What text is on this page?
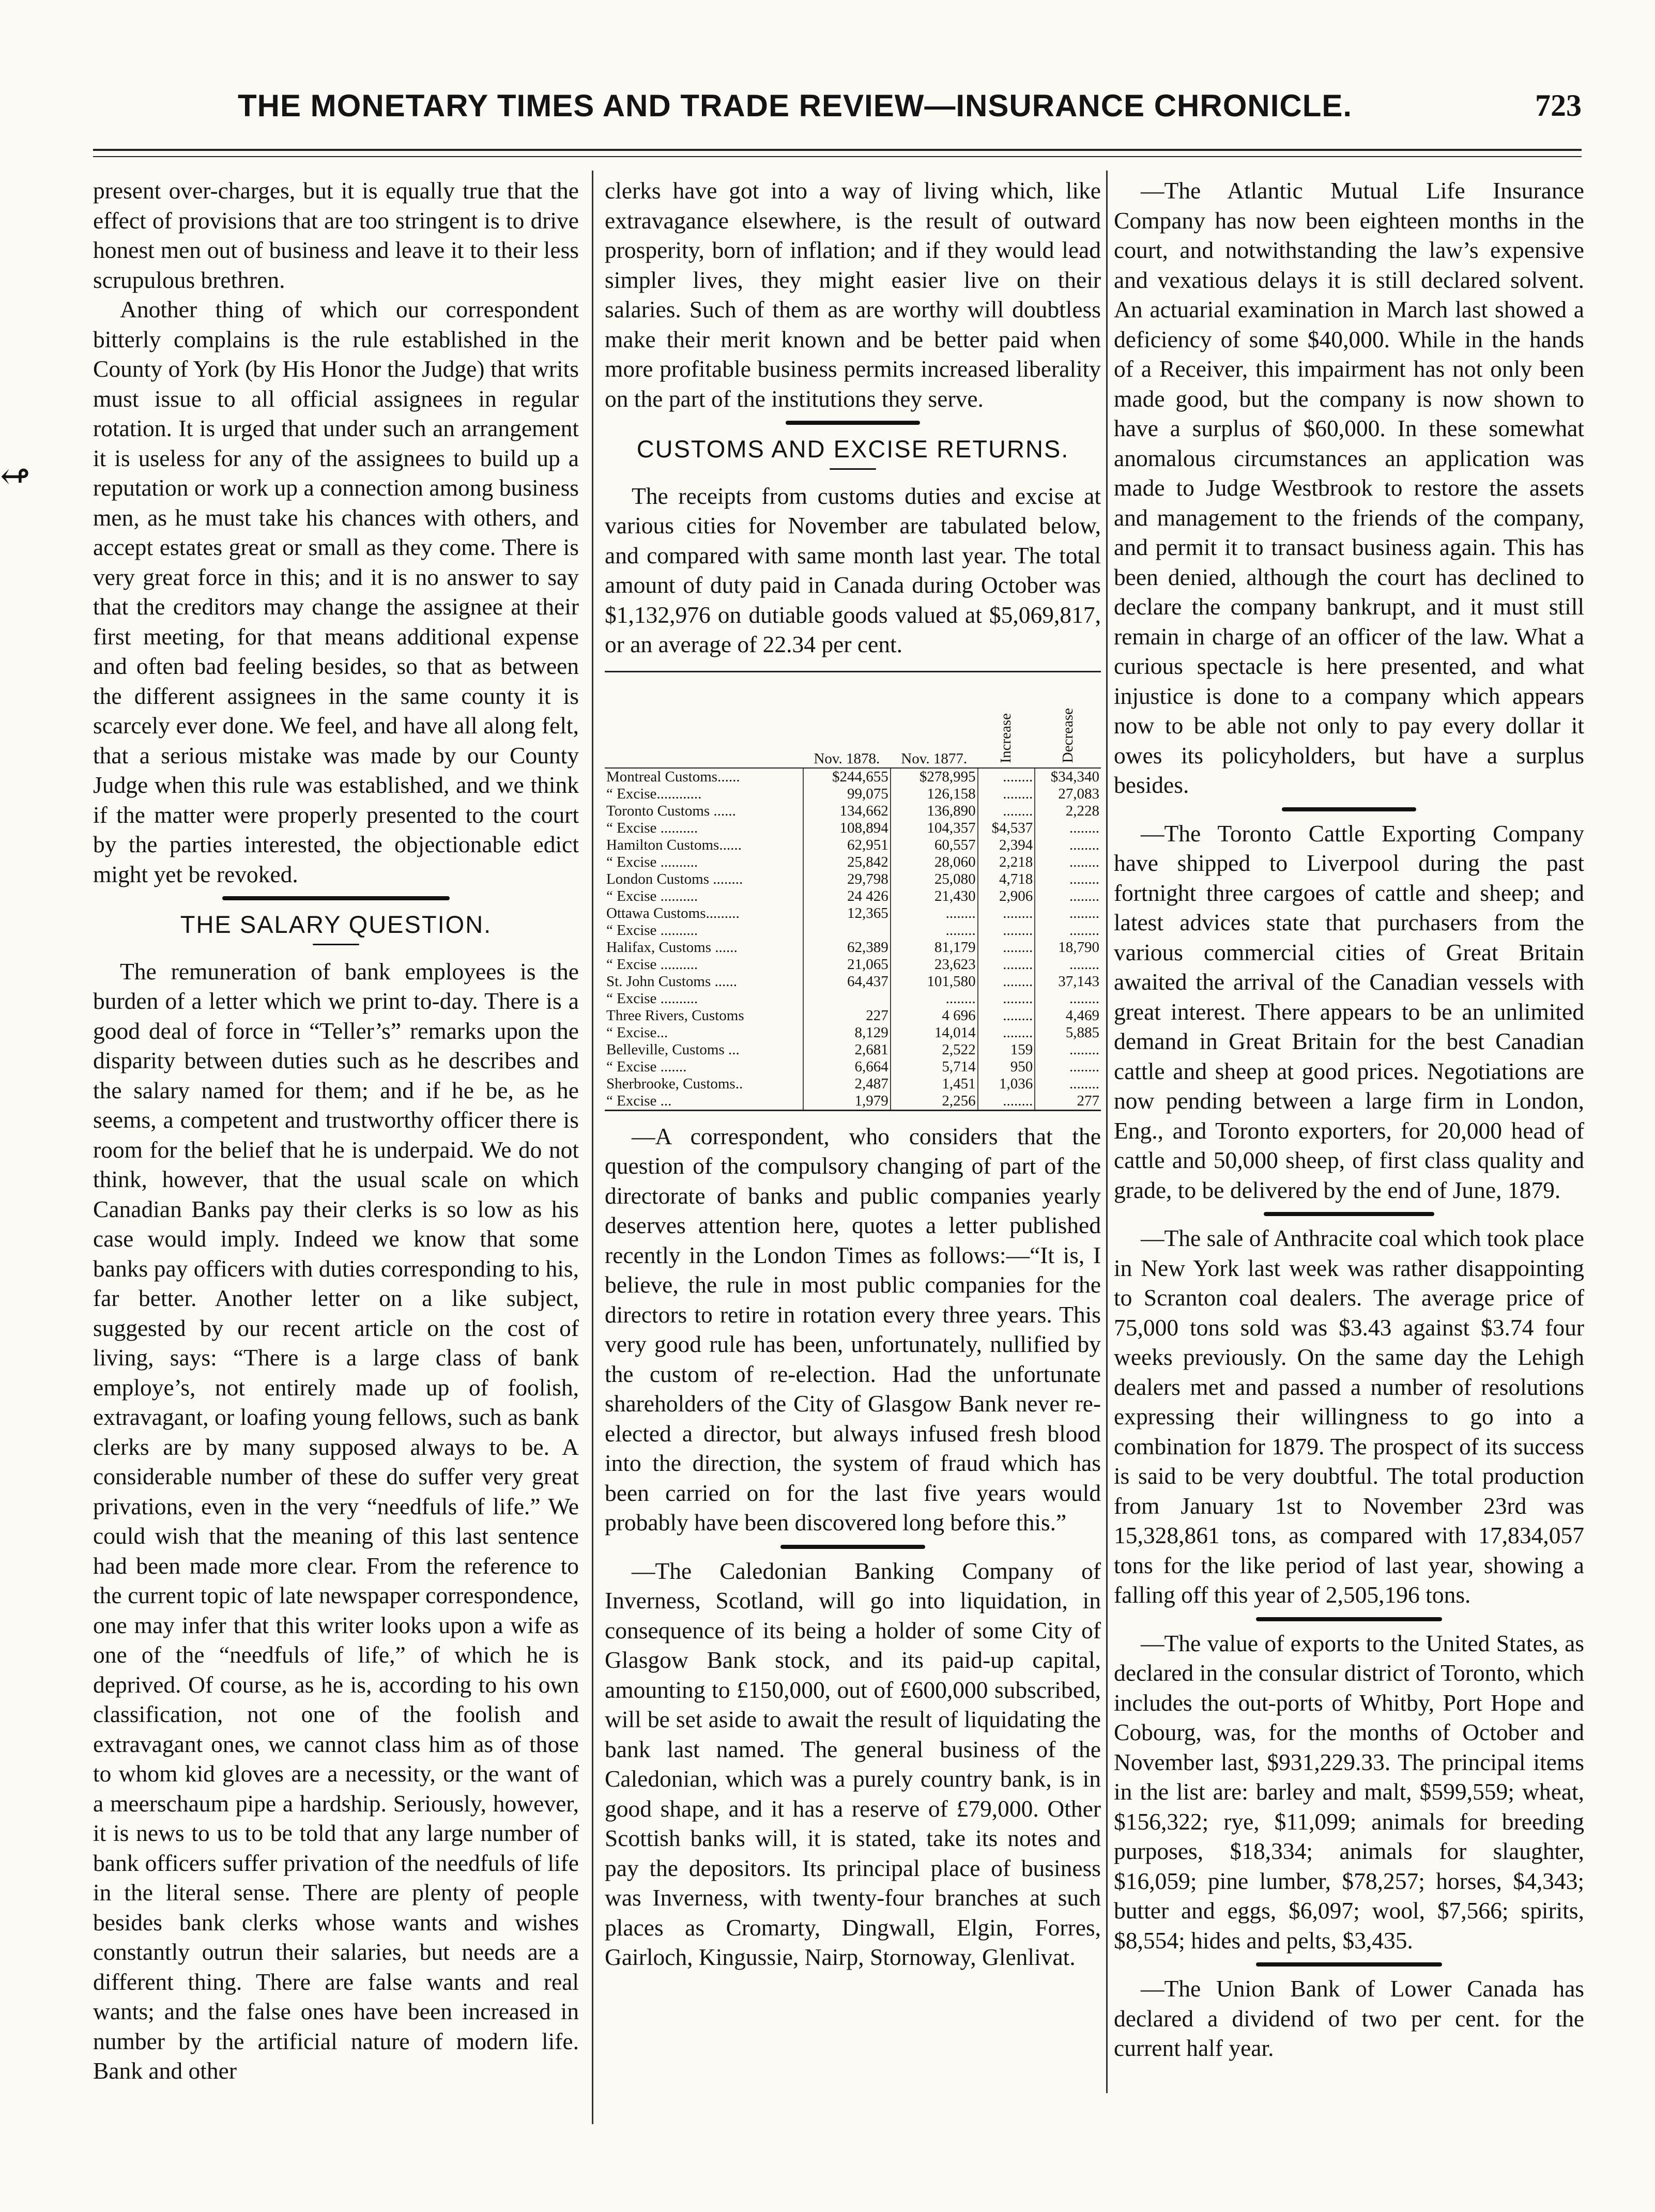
THE MONETARY TIMES AND TRADE REVIEW—INSURANCE CHRONICLE.	723
↫

present over-charges, but it is equally true that the effect of provisions that are too stringent is to drive honest men out of business and leave it to their less scrupulous brethren.

Another thing of which our correspondent bitterly complains is the rule established in the County of York (by His Honor the Judge) that writs must issue to all official assignees in regular rotation. It is urged that under such an arrangement it is useless for any of the assignees to build up a reputation or work up a connection among business men, as he must take his chances with others, and accept estates great or small as they come. There is very great force in this; and it is no answer to say that the creditors may change the assignee at their first meeting, for that means additional expense and often bad feeling besides, so that as between the different assignees in the same county it is scarcely ever done. We feel, and have all along felt, that a serious mistake was made by our County Judge when this rule was established, and we think if the matter were properly presented to the court by the parties interested, the objectionable edict might yet be revoked.

THE SALARY QUESTION.

The remuneration of bank employees is the burden of a letter which we print to-day. There is a good deal of force in “Teller’s” remarks upon the disparity between duties such as he describes and the salary named for them; and if he be, as he seems, a competent and trustworthy officer there is room for the belief that he is underpaid. We do not think, however, that the usual scale on which Canadian Banks pay their clerks is so low as his case would imply. Indeed we know that some banks pay officers with duties corresponding to his, far better. Another letter on a like subject, suggested by our recent article on the cost of living, says: “There is a large class of bank employe’s, not entirely made up of foolish, extravagant, or loafing young fellows, such as bank clerks are by many supposed always to be. A considerable number of these do suffer very great privations, even in the very “needfuls of life.” We could wish that the meaning of this last sentence had been made more clear. From the reference to the current topic of late newspaper correspondence, one may infer that this writer looks upon a wife as one of the “needfuls of life,” of which he is deprived. Of course, as he is, according to his own classification, not one of the foolish and extravagant ones, we cannot class him as of those to whom kid gloves are a necessity, or the want of a meerschaum pipe a hardship. Seriously, however, it is news to us to be told that any large number of bank officers suffer privation of the needfuls of life in the literal sense. There are plenty of people besides bank clerks whose wants and wishes constantly outrun their salaries, but needs are a different thing. There are false wants and real wants; and the false ones have been increased in number by the artificial nature of modern life. Bank and other

clerks have got into a way of living which, like extravagance elsewhere, is the result of outward prosperity, born of inflation; and if they would lead simpler lives, they might easier live on their salaries. Such of them as are worthy will doubtless make their merit known and be better paid when more profitable business permits increased liberality on the part of the institutions they serve.

CUSTOMS AND EXCISE RETURNS.

The receipts from customs duties and excise at various cities for November are tabulated below, and compared with same month last year. The total amount of duty paid in Canada during October was $1,132,976 on dutiable goods valued at $5,069,817, or an average of 22.34 per cent.

	Nov. 1878.	Nov. 1877.	Increase	Decrease
Montreal Customs......	$244,655	$278,995	........	$34,340
“ Excise............	99,075	126,158	........	27,083
Toronto Customs ......	134,662	136,890	........	2,228
“ Excise ..........	108,894	104,357	$4,537	........
Hamilton Customs......	62,951	60,557	2,394	........
“ Excise ..........	25,842	28,060	2,218	........
London Customs ........	29,798	25,080	4,718	........
“ Excise ..........	24 426	21,430	2,906	........
Ottawa Customs.........	12,365	........	........	........
“ Excise ..........		........	........	........
Halifax, Customs ......	62,389	81,179	........	18,790
“ Excise ..........	21,065	23,623	........	........
St. John Customs ......	64,437	101,580	........	37,143
“ Excise ..........		........	........	........
Three Rivers, Customs	227	4 696	........	4,469
“ Excise...	8,129	14,014	........	5,885
Belleville, Customs ...	2,681	2,522	159	........
“ Excise .......	6,664	5,714	950	........
Sherbrooke, Customs..	2,487	1,451	1,036	........
“ Excise ...	1,979	2,256	........	277

—A correspondent, who considers that the question of the compulsory changing of part of the directorate of banks and public companies yearly deserves attention here, quotes a letter published recently in the London Times as follows:—“It is, I believe, the rule in most public companies for the directors to retire in rotation every three years. This very good rule has been, unfortunately, nullified by the custom of re-election. Had the unfortunate shareholders of the City of Glasgow Bank never re-elected a director, but always infused fresh blood into the direction, the system of fraud which has been carried on for the last five years would probably have been discovered long before this.”

—The Caledonian Banking Company of Inverness, Scotland, will go into liquidation, in consequence of its being a holder of some City of Glasgow Bank stock, and its paid-up capital, amounting to £150,000, out of £600,000 subscribed, will be set aside to await the result of liquidating the bank last named. The general business of the Caledonian, which was a purely country bank, is in good shape, and it has a reserve of £79,000. Other Scottish banks will, it is stated, take its notes and pay the depositors. Its principal place of business was Inverness, with twenty-four branches at such places as Cromarty, Dingwall, Elgin, Forres, Gairloch, Kingussie, Nairp, Stornoway, Glenlivat.

—The Atlantic Mutual Life Insurance Company has now been eighteen months in the court, and notwithstanding the law’s expensive and vexatious delays it is still declared solvent. An actuarial examination in March last showed a deficiency of some $40,000. While in the hands of a Receiver, this impairment has not only been made good, but the company is now shown to have a surplus of $60,000. In these somewhat anomalous circumstances an application was made to Judge Westbrook to restore the assets and management to the friends of the company, and permit it to transact business again. This has been denied, although the court has declined to declare the company bankrupt, and it must still remain in charge of an officer of the law. What a curious spectacle is here presented, and what injustice is done to a company which appears now to be able not only to pay every dollar it owes its policyholders, but have a surplus besides.

—The Toronto Cattle Exporting Company have shipped to Liverpool during the past fortnight three cargoes of cattle and sheep; and latest advices state that purchasers from the various commercial cities of Great Britain awaited the arrival of the Canadian vessels with great interest. There appears to be an unlimited demand in Great Britain for the best Canadian cattle and sheep at good prices. Negotiations are now pending between a large firm in London, Eng., and Toronto exporters, for 20,000 head of cattle and 50,000 sheep, of first class quality and grade, to be delivered by the end of June, 1879.

—The sale of Anthracite coal which took place in New York last week was rather disappointing to Scranton coal dealers. The average price of 75,000 tons sold was $3.43 against $3.74 four weeks previously. On the same day the Lehigh dealers met and passed a number of resolutions expressing their willingness to go into a combination for 1879. The prospect of its success is said to be very doubtful. The total production from January 1st to November 23rd was 15,328,861 tons, as compared with 17,834,057 tons for the like period of last year, showing a falling off this year of 2,505,196 tons.

—The value of exports to the United States, as declared in the consular district of Toronto, which includes the out-ports of Whitby, Port Hope and Cobourg, was, for the months of October and November last, $931,229.33. The principal items in the list are: barley and malt, $599,559; wheat, $156,322; rye, $11,099; animals for breeding purposes, $18,334; animals for slaughter, $16,059; pine lumber, $78,257; horses, $4,343; butter and eggs, $6,097; wool, $7,566; spirits, $8,554; hides and pelts, $3,435.

—The Union Bank of Lower Canada has declared a dividend of two per cent. for the current half year.
